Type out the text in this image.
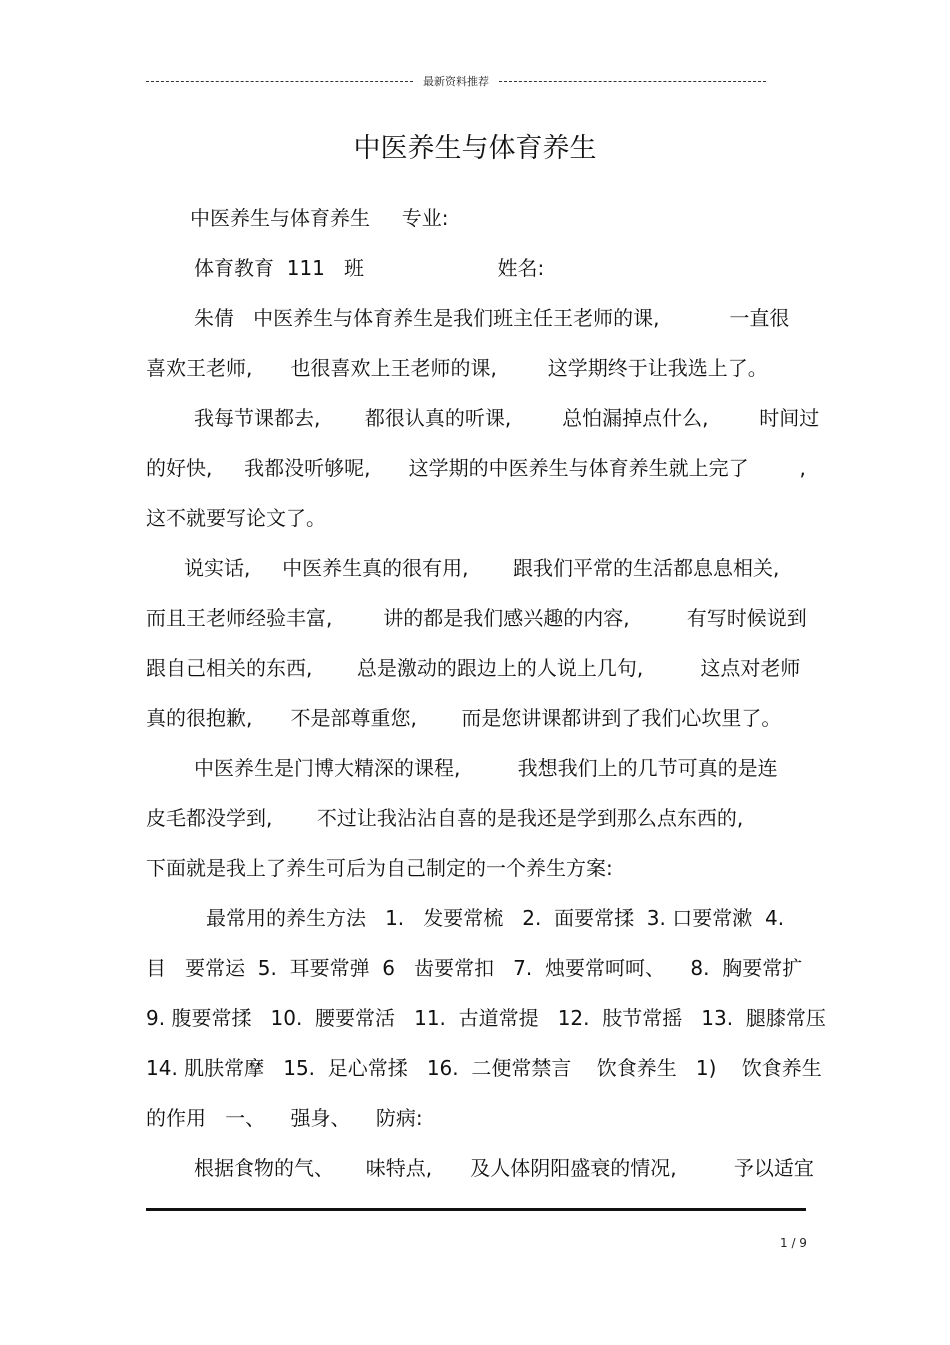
最新资料推荐
中医养生与体育养生
中医养生与体育养生     专业:
体育教育  111   班                     姓名:
朱倩   中医养生与体育养生是我们班主任王老师的课,           一直很
喜欢王老师,      也很喜欢上王老师的课,        这学期终于让我选上了。
我每节课都去,       都很认真的听课,        总怕漏掉点什么,        时间过
的好快,     我都没听够呢,      这学期的中医养生与体育养生就上完了        ,
这不就要写论文了。
说实话,     中医养生真的很有用,       跟我们平常的生活都息息相关,
而且王老师经验丰富,        讲的都是我们感兴趣的内容,         有写时候说到
跟自己相关的东西,       总是激动的跟边上的人说上几句,         这点对老师
真的很抱歉,      不是部尊重您,       而是您讲课都讲到了我们心坎里了。
中医养生是门博大精深的课程,         我想我们上的几节可真的是连
皮毛都没学到,       不过让我沾沾自喜的是我还是学到那么点东西的,
下面就是我上了养生可后为自己制定的一个养生方案:
最常用的养生方法   1.   发要常梳   2.  面要常揉  3. 口要常漱  4.
目   要常运  5.  耳要常弹  6   齿要常扣   7.  烛要常呵呵、    8.  胸要常扩
9. 腹要常揉   10.  腰要常活   11.  古道常提   12.  肢节常摇   13.  腿膝常压
14. 肌肤常摩   15.  足心常揉   16.  二便常禁言    饮食养生   1)    饮食养生
的作用   一、    强身、    防病:
根据食物的气、     味特点,      及人体阴阳盛衰的情况,         予以适宜
1 / 9
